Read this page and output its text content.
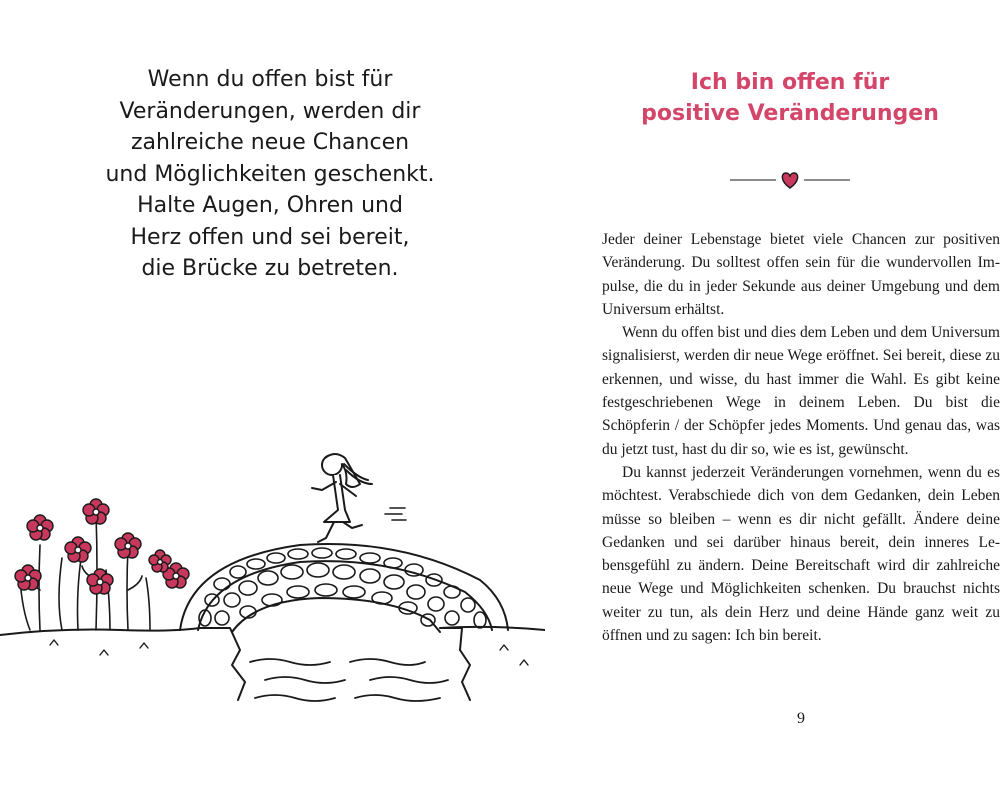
Wenn du offen bist für
Veränderungen, werden dir
zahlreiche neue Chancen
und Möglichkeiten geschenkt.
Halte Augen, Ohren und
Herz offen und sei bereit,
die Brücke zu betreten.

Ich bin offen für
positive Veränderungen

Jeder deiner Lebenstage bietet viele Chancen zur positiven Veränderung. Du solltest offen sein für die wundervollen Impulse, die du in jeder Sekunde aus deiner Umgebung und dem Universum erhältst.

Wenn du offen bist und dies dem Leben und dem Universum signalisierst, werden dir neue Wege eröffnet. Sei bereit, diese zu erkennen, und wisse, du hast immer die Wahl. Es gibt keine festgeschriebenen Wege in deinem Leben. Du bist die Schöpferin / der Schöpfer jedes Moments. Und genau das, was du jetzt tust, hast du dir so, wie es ist, gewünscht.

Du kannst jederzeit Veränderungen vornehmen, wenn du es möchtest. Verabschiede dich von dem Gedanken, dein Leben müsse so bleiben – wenn es dir nicht gefällt. Ändere deine Gedanken und sei darüber hinaus bereit, dein inneres Lebensgefühl zu ändern. Deine Bereitschaft wird dir zahlreiche neue Wege und Möglichkeiten schenken. Du brauchst nichts weiter zu tun, als dein Herz und deine Hände ganz weit zu öffnen und zu sagen: Ich bin bereit.

9
